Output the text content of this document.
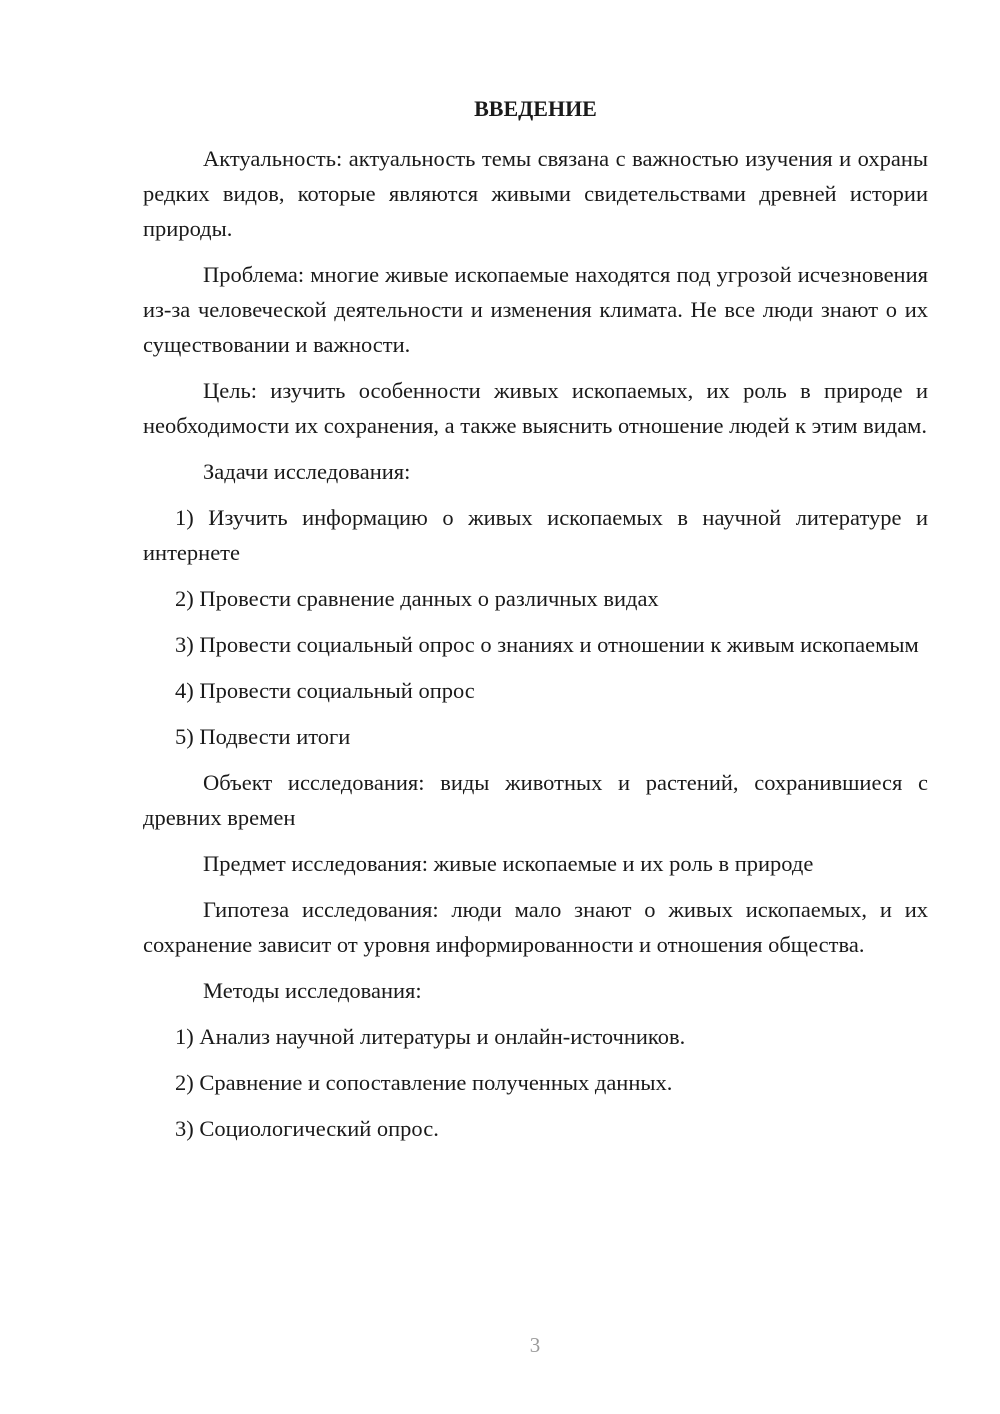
ВВЕДЕНИЕ

Актуальность: актуальность темы связана с важностью изучения и охраны редких видов, которые являются живыми свидетельствами древней истории природы.

Проблема: многие живые ископаемые находятся под угрозой исчезновения из-за человеческой деятельности и изменения климата. Не все люди знают о их существовании и важности.

Цель: изучить особенности живых ископаемых, их роль в природе и необходимости их сохранения, а также выяснить отношение людей к этим видам.

Задачи исследования:

1) Изучить информацию о живых ископаемых в научной литературе и интернете

2) Провести сравнение данных о различных видах

3) Провести социальный опрос о знаниях и отношении к живым ископаемым

4) Провести социальный опрос

5) Подвести итоги

Объект исследования: виды животных и растений, сохранившиеся с древних времен

Предмет исследования: живые ископаемые и их роль в природе

Гипотеза исследования: люди мало знают о живых ископаемых, и их сохранение зависит от уровня информированности и отношения общества.

Методы исследования:

1) Анализ научной литературы и онлайн-источников.

2) Сравнение и сопоставление полученных данных.

3) Социологический опрос.

3
